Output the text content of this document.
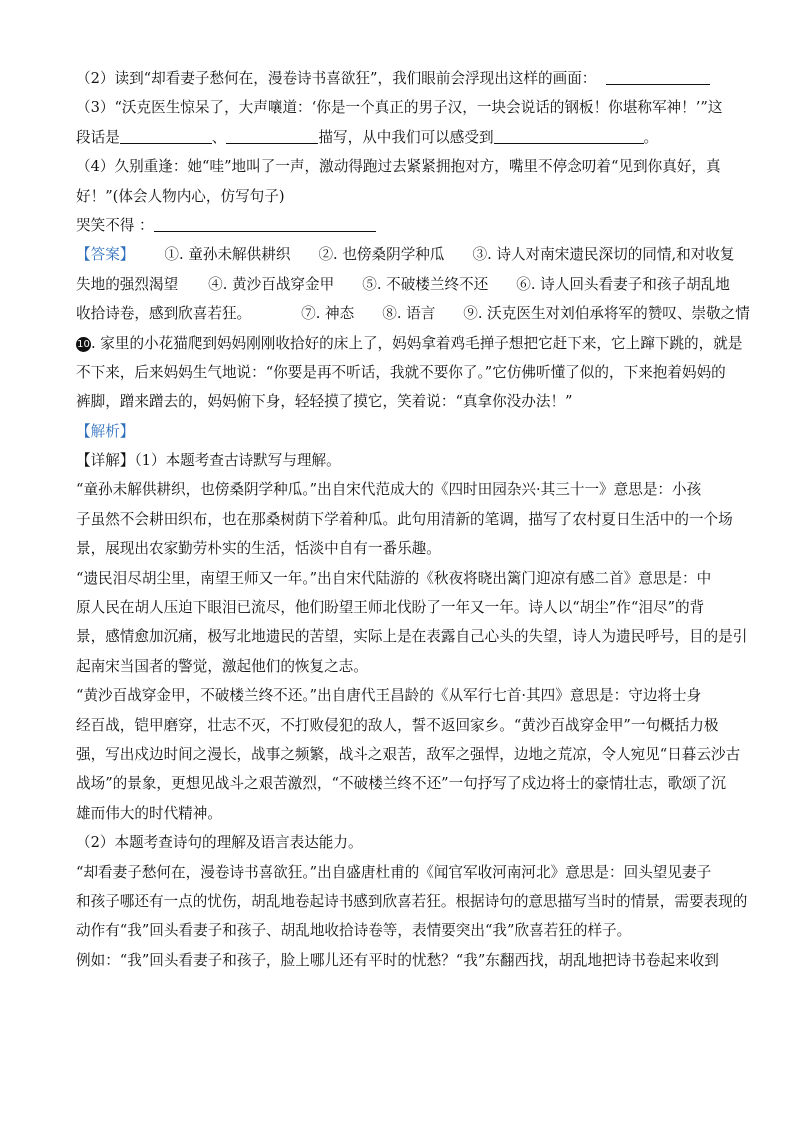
（2）读到“却看妻子愁何在，漫卷诗书喜欲狂”，我们眼前会浮现出这样的画面：
（3）“沃克医生惊呆了，大声嚷道：‘你是一个真正的男子汉，一块会说话的钢板！你堪称军神！’”这
段话是	、	描写，从中我们可以感受到	。
（4）久别重逢：她“哇”地叫了一声，激动得跑过去紧紧拥抱对方，嘴里不停念叨着“见到你真好，真
好！”(体会人物内心，仿写句子)
哭笑不得 ：
【答案】 ①. 童孙未解供耕织 ②. 也傍桑阴学种瓜 ③. 诗人对南宋遗民深切的同情,和对收复
失地的强烈渴望 ④. 黄沙百战穿金甲 ⑤. 不破楼兰终不还 ⑥. 诗人回头看妻子和孩子胡乱地
收拾诗卷，感到欣喜若狂。	⑦. 神态 ⑧. 语言 ⑨. 沃克医生对刘伯承将军的赞叹、崇敬之情
10. 家里的小花猫爬到妈妈刚刚收拾好的床上了，妈妈拿着鸡毛掸子想把它赶下来，它上蹿下跳的，就是
不下来，后来妈妈生气地说：“你要是再不听话，我就不要你了。”它仿佛听懂了似的，下来抱着妈妈的
裤脚，蹭来蹭去的，妈妈俯下身，轻轻摸了摸它，笑着说：“真拿你没办法！”
【解析】
【详解】（1）本题考查古诗默写与理解。
“童孙未解供耕织，也傍桑阴学种瓜。”出自宋代范成大的《四时田园杂兴·其三十一》意思是：小孩
子虽然不会耕田织布，也在那桑树荫下学着种瓜。此句用清新的笔调，描写了农村夏日生活中的一个场
景，展现出农家勤劳朴实的生活，恬淡中自有一番乐趣。
“遗民泪尽胡尘里，南望王师又一年。”出自宋代陆游的《秋夜将晓出篱门迎凉有感二首》意思是：中
原人民在胡人压迫下眼泪已流尽，他们盼望王师北伐盼了一年又一年。诗人以“胡尘”作“泪尽”的背
景，感情愈加沉痛，极写北地遗民的苦望，实际上是在表露自己心头的失望，诗人为遗民呼号，目的是引
起南宋当国者的警觉，激起他们的恢复之志。
“黄沙百战穿金甲，不破楼兰终不还。”出自唐代王昌龄的《从军行七首·其四》意思是：守边将士身
经百战，铠甲磨穿，壮志不灭，不打败侵犯的敌人，誓不返回家乡。“黄沙百战穿金甲”一句概括力极
强，写出戍边时间之漫长，战事之频繁，战斗之艰苦，敌军之强悍，边地之荒凉，令人宛见“日暮云沙古
战场”的景象，更想见战斗之艰苦激烈，“不破楼兰终不还”一句抒写了戍边将士的豪情壮志，歌颂了沉
雄而伟大的时代精神。
（2）本题考查诗句的理解及语言表达能力。
“却看妻子愁何在，漫卷诗书喜欲狂。”出自盛唐杜甫的《闻官军收河南河北》意思是：回头望见妻子
和孩子哪还有一点的忧伤，胡乱地卷起诗书感到欣喜若狂。根据诗句的意思描写当时的情景，需要表现的
动作有“我”回头看妻子和孩子、胡乱地收拾诗卷等，表情要突出“我”欣喜若狂的样子。
例如：“我”回头看妻子和孩子，脸上哪儿还有平时的忧愁？“我”东翻西找，胡乱地把诗书卷起来收到
